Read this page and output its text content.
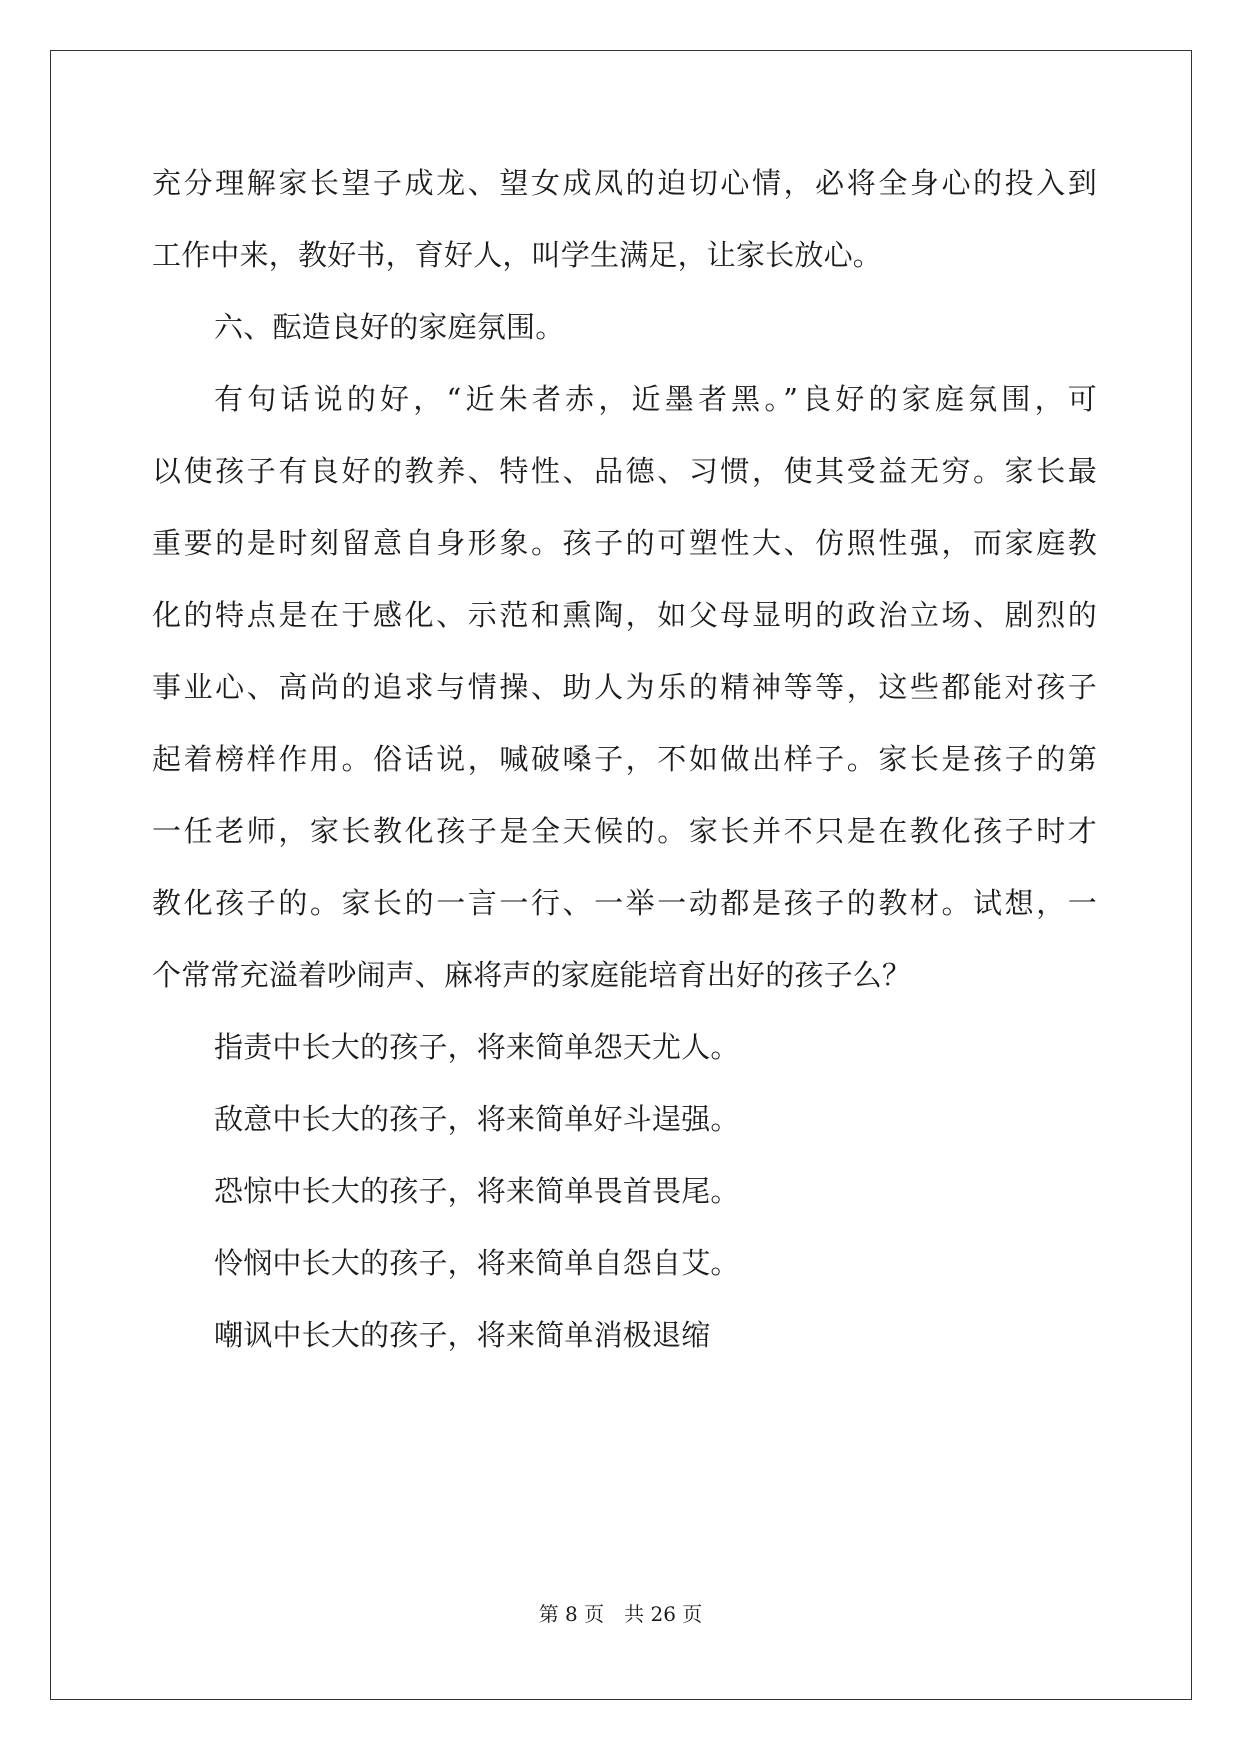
充分理解家长望子成龙、望女成凤的迫切心情，必将全身心的投入到
工作中来，教好书，育好人，叫学生满足，让家长放心。
六、酝造良好的家庭氛围。
有句话说的好，“近朱者赤，近墨者黑。”良好的家庭氛围，可
以使孩子有良好的教养、特性、品德、习惯，使其受益无穷。家长最
重要的是时刻留意自身形象。孩子的可塑性大、仿照性强，而家庭教
化的特点是在于感化、示范和熏陶，如父母显明的政治立场、剧烈的
事业心、高尚的追求与情操、助人为乐的精神等等，这些都能对孩子
起着榜样作用。俗话说，喊破嗓子，不如做出样子。家长是孩子的第
一任老师，家长教化孩子是全天候的。家长并不只是在教化孩子时才
教化孩子的。家长的一言一行、一举一动都是孩子的教材。试想，一
个常常充溢着吵闹声、麻将声的家庭能培育出好的孩子么？
指责中长大的孩子，将来简单怨天尤人。
敌意中长大的孩子，将来简单好斗逞强。
恐惊中长大的孩子，将来简单畏首畏尾。
怜悯中长大的孩子，将来简单自怨自艾。
嘲讽中长大的孩子，将来简单消极退缩
第 8 页　共 26 页
